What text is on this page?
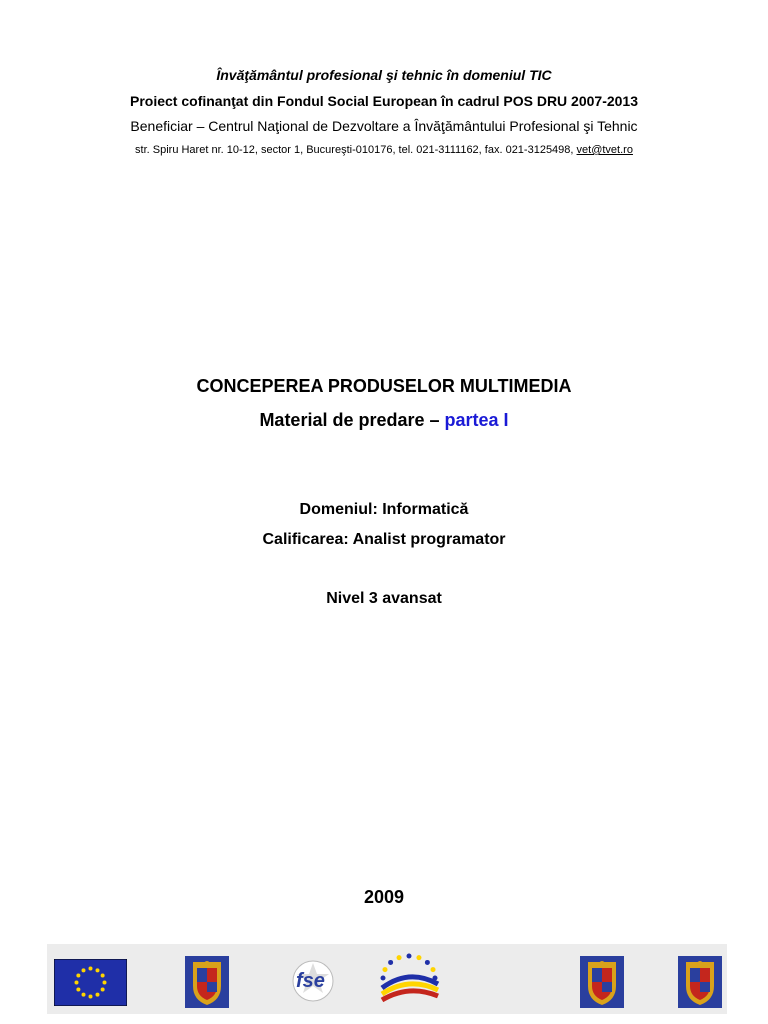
Învăţământul profesional şi tehnic în domeniul TIC
Proiect cofinanţat din Fondul Social European în cadrul POS DRU 2007-2013
Beneficiar – Centrul Naţional de Dezvoltare a Învăţământului Profesional şi Tehnic
str. Spiru Haret nr. 10-12, sector 1, Bucureşti-010176, tel. 021-3111162, fax. 021-3125498, vet@tvet.ro
CONCEPEREA PRODUSELOR MULTIMEDIA
Material de predare – partea I
Domeniul: Informatică
Calificarea: Analist programator
Nivel 3 avansat
2009
fse
